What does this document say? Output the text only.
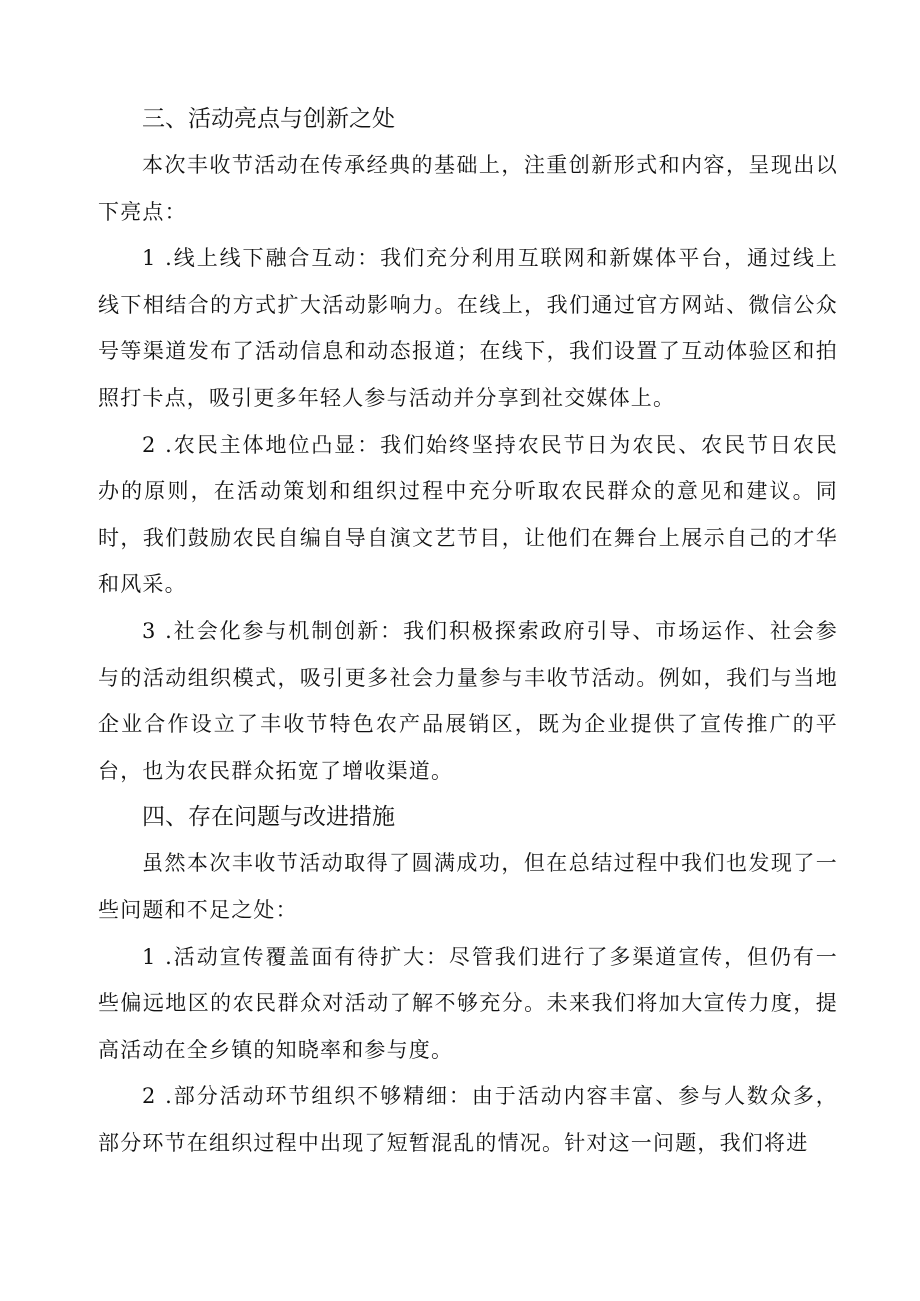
三、活动亮点与创新之处

本次丰收节活动在传承经典的基础上，注重创新形式和内容，呈现出以下亮点：

1 .线上线下融合互动：我们充分利用互联网和新媒体平台，通过线上线下相结合的方式扩大活动影响力。在线上，我们通过官方网站、微信公众号等渠道发布了活动信息和动态报道；在线下，我们设置了互动体验区和拍照打卡点，吸引更多年轻人参与活动并分享到社交媒体上。

2 .农民主体地位凸显：我们始终坚持农民节日为农民、农民节日农民办的原则，在活动策划和组织过程中充分听取农民群众的意见和建议。同时，我们鼓励农民自编自导自演文艺节目，让他们在舞台上展示自己的才华和风采。

3 .社会化参与机制创新：我们积极探索政府引导、市场运作、社会参与的活动组织模式，吸引更多社会力量参与丰收节活动。例如，我们与当地企业合作设立了丰收节特色农产品展销区，既为企业提供了宣传推广的平台，也为农民群众拓宽了增收渠道。

四、存在问题与改进措施

虽然本次丰收节活动取得了圆满成功，但在总结过程中我们也发现了一些问题和不足之处：

1 .活动宣传覆盖面有待扩大：尽管我们进行了多渠道宣传，但仍有一些偏远地区的农民群众对活动了解不够充分。未来我们将加大宣传力度，提高活动在全乡镇的知晓率和参与度。

2 .部分活动环节组织不够精细：由于活动内容丰富、参与人数众多，部分环节在组织过程中出现了短暂混乱的情况。针对这一问题，我们将进
